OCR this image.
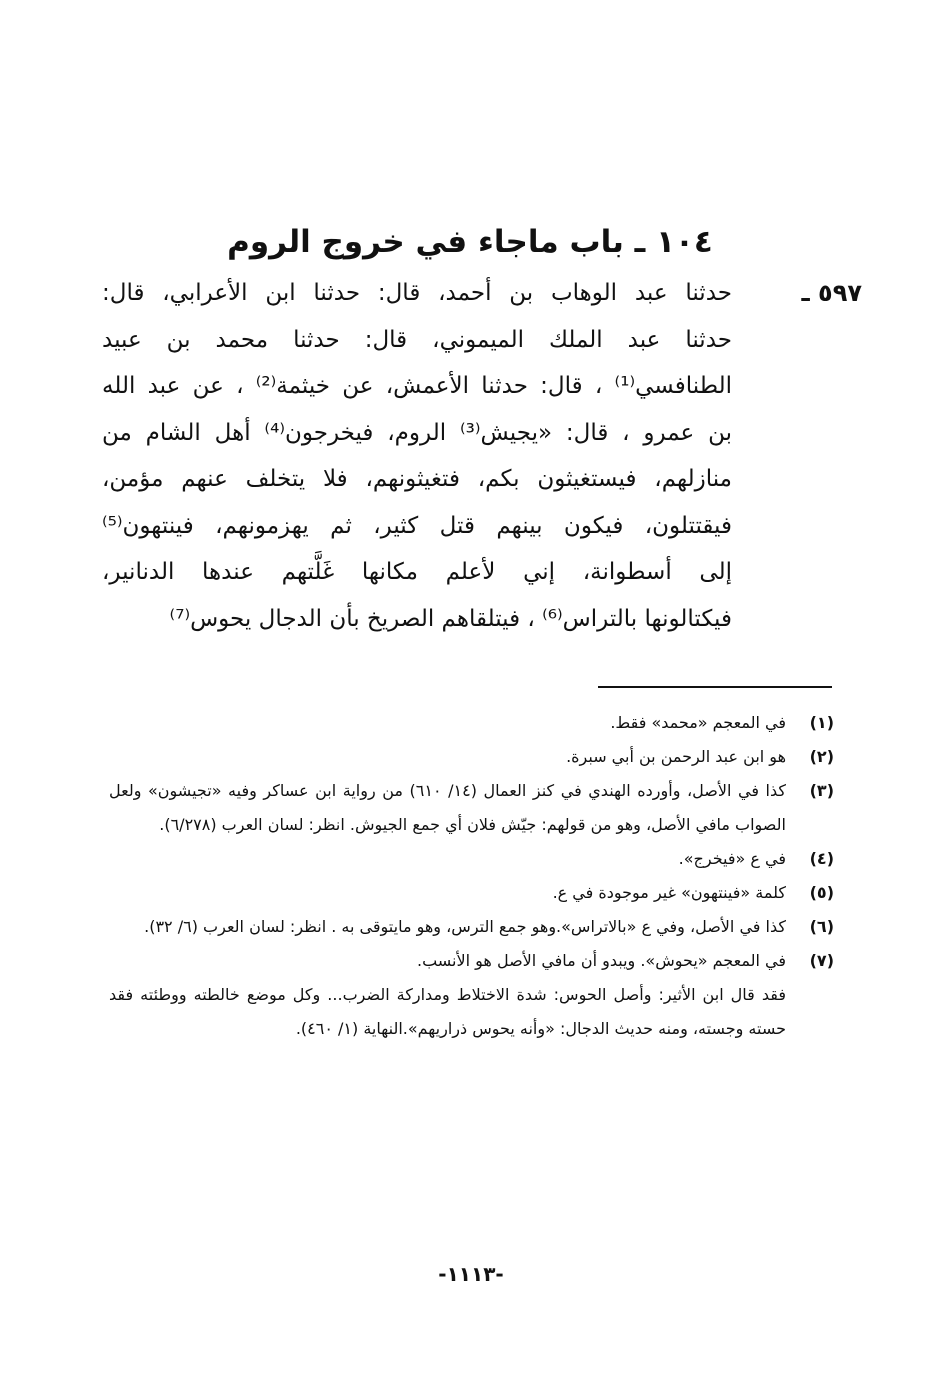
١٠٤ ـ باب ماجاء في خروج الروم
٥٩٧ ـ
حدثنا عبد الوهاب بن أحمد، قال: حدثنا ابن الأعرابي، قال:
حدثنا عبد الملك الميموني، قال: حدثنا محمد بن عبيد
الطنافسي⁽¹⁾ ، قال: حدثنا الأعمش، عن خيثمة⁽²⁾ ، عن عبد الله
بن عمرو ، قال: «يجيش⁽³⁾ الروم، فيخرجون⁽⁴⁾ أهل الشام من
منازلهم، فيستغيثون بكم، فتغيثونهم، فلا يتخلف عنهم مؤمن،
فيقتتلون، فيكون بينهم قتل كثير، ثم يهزمونهم، فينتهون⁽⁵⁾
إلى أسطوانة، إني لأعلم مكانها غَلَّتهم عندها الدنانير،
فيكتالونها بالتراس⁽⁶⁾ ، فيتلقاهم الصريخ بأن الدجال يحوس⁽⁷⁾
(١)
في المعجم «محمد» فقط.
(٢)
هو ابن عبد الرحمن بن أبي سبرة.
(٣)
كذا في الأصل، وأورده الهندي في كنز العمال (١٤/ ٦١٠) من رواية ابن عساكر وفيه «تجيشون» ولعل الصواب مافي الأصل، وهو من قولهم: جيّش فلان أي جمع الجيوش. انظر: لسان العرب (٦/٢٧٨).
(٤)
في ع «فيخرج».
(٥)
كلمة «فينتهون» غير موجودة في ع.
(٦)
كذا في الأصل، وفي ع «بالاتراس».وهو جمع الترس، وهو مايتوقى به . انظر: لسان العرب (٦/ ٣٢).
(٧)
في المعجم «يحوش». ويبدو أن مافي الأصل هو الأنسب.
فقد قال ابن الأثير: وأصل الحوس: شدة الاختلاط ومداركة الضرب... وكل موضع خالطته ووطئته فقد حسته وجسته، ومنه حديث الدجال: «وأنه يحوس ذراريهم».النهاية (١/ ٤٦٠).
-١١١٣-
